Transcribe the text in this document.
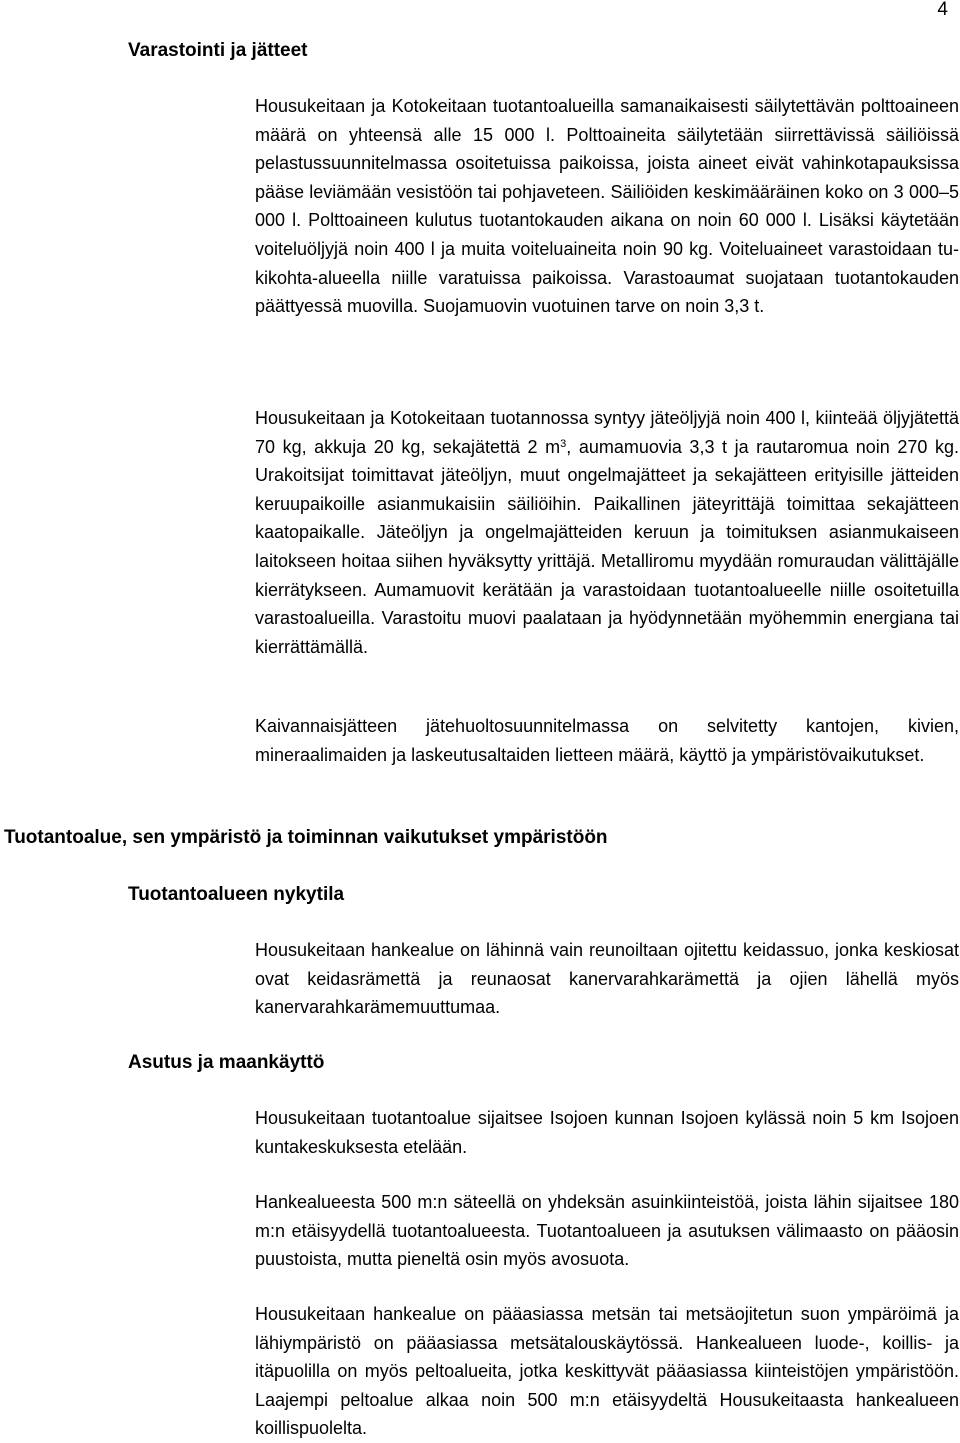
4
Varastointi ja jätteet

Housukeitaan ja Kotokeitaan tuotantoalueilla samanaikaisesti säilytettävän polttoaineen määrä on yhteensä alle 15 000 l. Polttoaineita säilytetään siirrettävissä säiliöissä pelastussuunnitelmassa osoitetuissa paikoissa, joista aineet eivät vahinkotapauksissa pääse leviämään vesistöön tai pohjaveteen. Säiliöiden keskimääräinen koko on 3 000–5 000 l. Polttoaineen kulutus tuotantokauden aikana on noin 60 000 l. Lisäksi käytetään voiteluöljyjä noin 400 l ja muita voiteluaineita noin 90 kg. Voiteluaineet varastoidaan tukikohta-alueella niille varatuissa paikoissa. Varastoaumat suojataan tuotantokauden päättyessä muovilla. Suojamuovin vuotuinen tarve on noin 3,3 t.

Housukeitaan ja Kotokeitaan tuotannossa syntyy jäteöljyjä noin 400 l, kiinteää öljyjätettä 70 kg, akkuja 20 kg, sekajätettä 2 $m^3$, aumamuovia 3,3 t ja rautaromua noin 270 kg. Urakoitsijat toimittavat jäteöljyn, muut ongelmajätteet ja sekajätteen erityisille jätteiden keruupaikoille asianmukaisiin säiliöihin. Paikallinen jäteyrittäjä toimittaa sekajätteen kaatopaikalle. Jäteöljyn ja ongelmajätteiden keruun ja toimituksen asianmukaiseen laitokseen hoitaa siihen hyväksytty yrittäjä. Metalliromu myydään romuraudan välittäjälle kierrätykseen. Aumamuovit kerätään ja varastoidaan tuotantoalueelle niille osoitetuilla varastoalueilla. Varastoitu muovi paalataan ja hyödynnetään myöhemmin energiana tai kierrättämällä.

Kaivannaisjätteen jätehuoltosuunnitelmassa on selvitetty kantojen, kivien, mineraalimaiden ja laskeutusaltaiden lietteen määrä, käyttö ja ympäristövaikutukset.

Tuotantoalue, sen ympäristö ja toiminnan vaikutukset ympäristöön
Tuotantoalueen nykytila

Housukeitaan hankealue on lähinnä vain reunoiltaan ojitettu keidassuo, jonka keskiosat ovat keidasrämettä ja reunaosat kanervarahkarämettä ja ojien lähellä myös kanervarahkarämemuuttumaa.

Asutus ja maankäyttö

Housukeitaan tuotantoalue sijaitsee Isojoen kunnan Isojoen kylässä noin 5 km Isojoen kuntakeskuksesta etelään.

Hankealueesta 500 m:n säteellä on yhdeksän asuinkiinteistöä, joista lähin sijaitsee 180 m:n etäisyydellä tuotantoalueesta. Tuotantoalueen ja asutuksen välimaasto on pääosin puustoista, mutta pieneltä osin myös avosuota.

Housukeitaan hankealue on pääasiassa metsän tai metsäojitetun suon ympäröimä ja lähiympäristö on pääasiassa metsätalouskäytössä. Hankealueen luode-, koillis- ja itäpuolilla on myös peltoalueita, jotka keskittyvät pääasiassa kiinteistöjen ympäristöön. Laajempi peltoalue alkaa noin 500 m:n etäisyydeltä Housukeitaasta hankealueen koillispuolelta.
